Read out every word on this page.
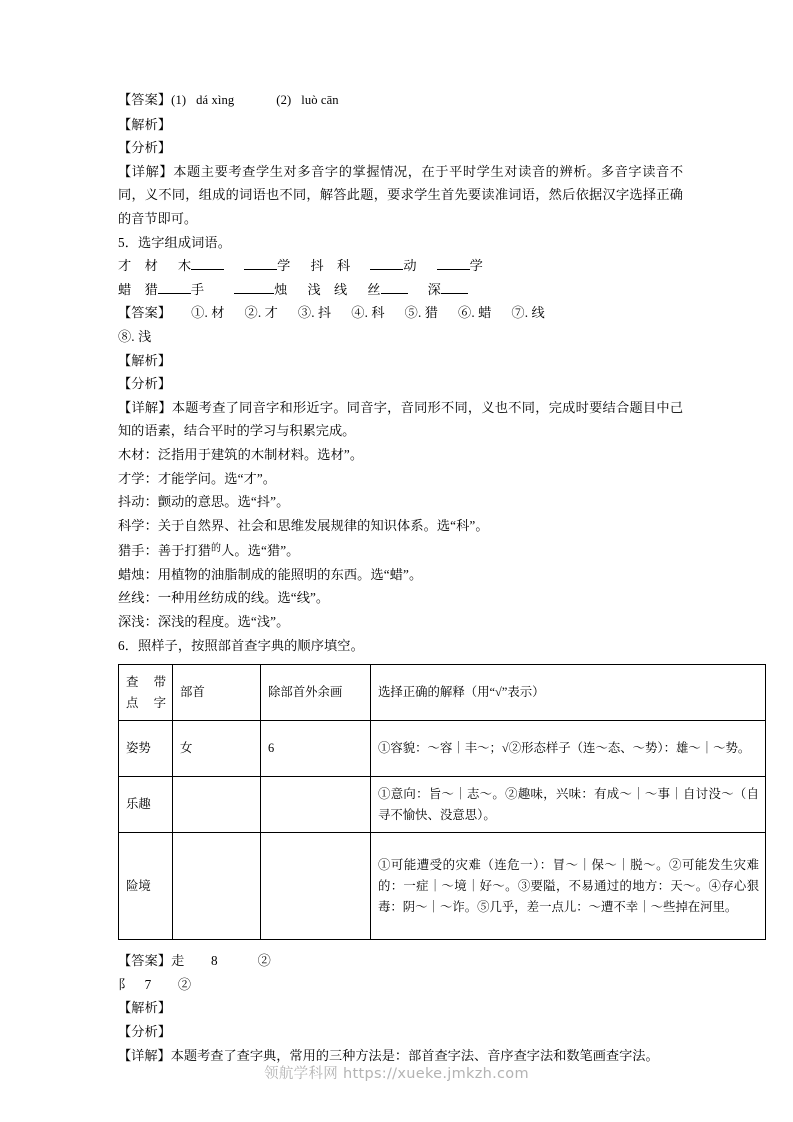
【答案】(1) dá xìng	(2) luò cān
【解析】
【分析】
【详解】本题主要考查学生对多音字的掌握情况，在于平时学生对读音的辨析。多音字读音不同，义不同，组成的词语也不同，解答此题，要求学生首先要读准词语，然后依据汉字选择正确的音节即可。
5．选字组成词语。
才　材 木	学 抖　科	动	学
蜡　猎	手	烛 浅　线 丝	深
【答案】 ①. 材 ②. 才 ③. 抖 ④. 科 ⑤. 猎 ⑥. 蜡 ⑦. 线
⑧. 浅
【解析】
【分析】
【详解】本题考查了同音字和形近字。同音字，音同形不同，义也不同，完成时要结合题目中己知的语素，结合平时的学习与积累完成。
木材：泛指用于建筑的木制材料。选材”。
才学：才能学问。选“才”。
抖动：颤动的意思。选“抖”。
科学：关于自然界、社会和思维发展规律的知识体系。选“科”。
猎手：善于打猎$^的$人。选“猎”。
蜡烛：用植物的油脂制成的能照明的东西。选“蜡”。
丝线：一种用丝纺成的线。选“线”。
深浅：深浅的程度。选“浅”。
6．照样子，按照部首查字典的顺序填空。
查 带
点字	部首	除部首外余画	选择正确的解释（用“√”表示）
姿势	女	6	①容貌：～容｜丰～；√②形态样子（连～态、～势）：雄～｜～势。
乐趣			①意向：旨～｜志～。②趣味，兴味：有成～｜～事｜自讨没～（自寻不愉快、没意思）。
险境			①可能遭受的灾难（连危一）：冒～｜保～｜脱～。②可能发生灾难的：一症｜～境｜好～。③要隘，不易通过的地方：天～。④存心狠毒：阴～｜～诈。⑤几乎，差一点儿：～遭不幸｜～些掉在河里。
【答案】走　　8　　　②
阝　7　　②
【解析】
【分析】
【详解】本题考查了查字典，常用的三种方法是：部首查字法、音序查字法和数笔画查字法。
领航学科网 https://xueke.jmkzh.com
